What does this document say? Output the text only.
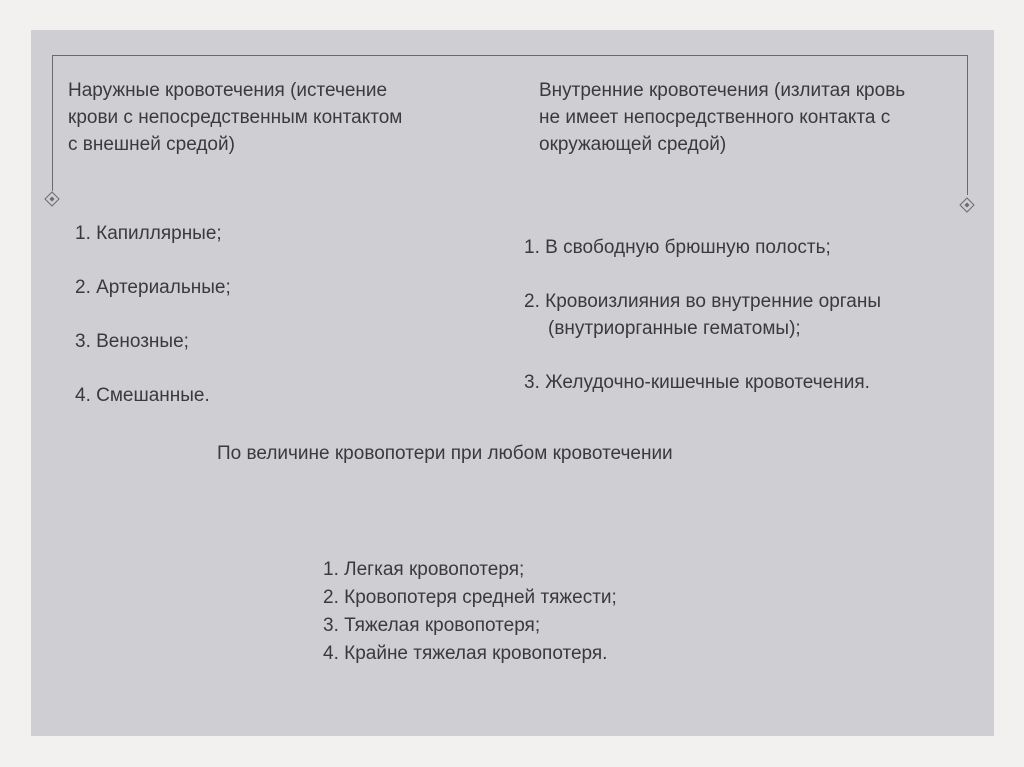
Наружные кровотечения (истечение
крови с непосредственным контактом
с внешней средой)
Внутренние кровотечения (излитая кровь
не имеет непосредственного контакта с
окружающей средой)
1. Капиллярные;
2. Артериальные;
3. Венозные;
4. Смешанные.
1. В свободную брюшную полость;
2. Кровоизлияния во внутренние органы
(внутриорганные гематомы);
3. Желудочно-кишечные кровотечения.
По величине кровопотери при любом кровотечении
1. Легкая кровопотеря;
2. Кровопотеря средней тяжести;
3. Тяжелая кровопотеря;
4. Крайне тяжелая кровопотеря.
